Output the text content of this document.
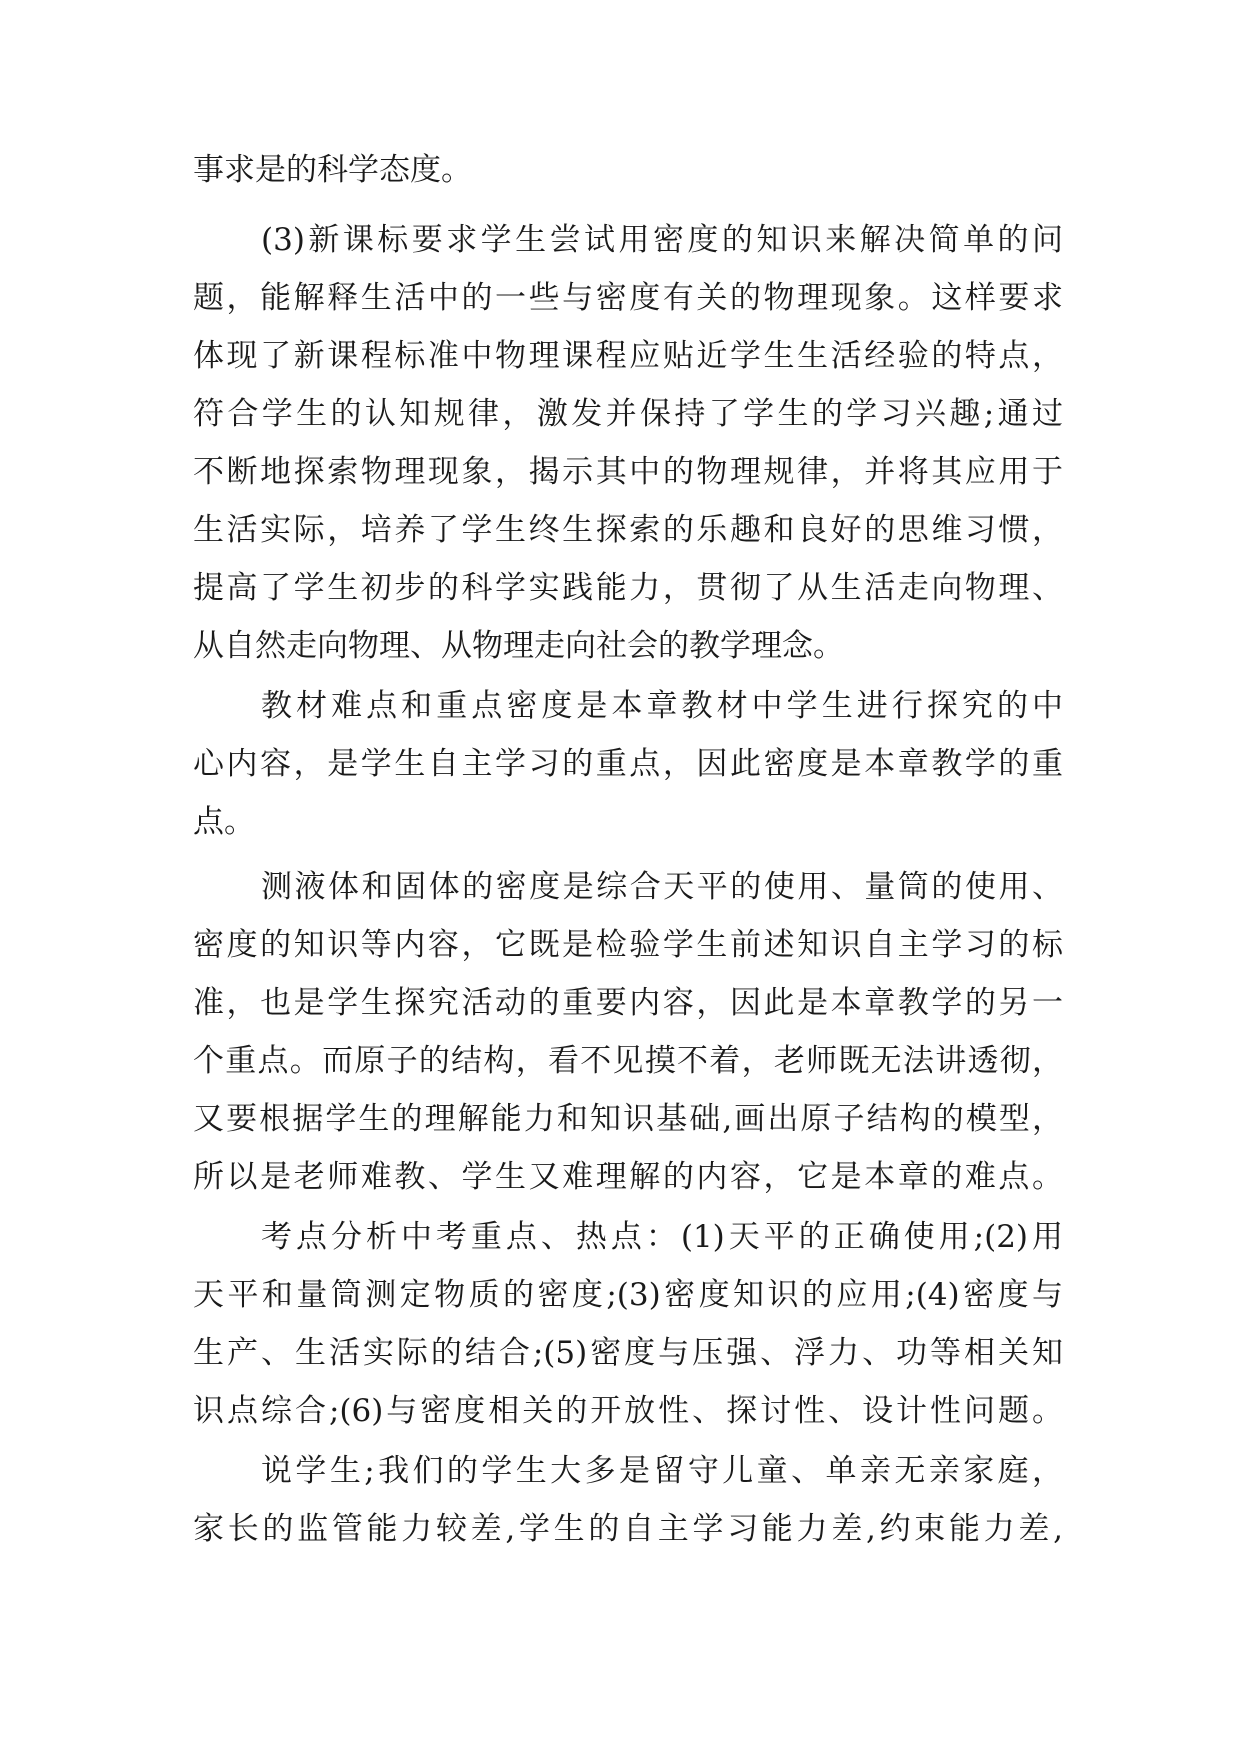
事求是的科学态度。

(3)新课标要求学生尝试用密度的知识来解决简单的问

题，能解释生活中的一些与密度有关的物理现象。这样要求

体现了新课程标准中物理课程应贴近学生生活经验的特点，

符合学生的认知规律，激发并保持了学生的学习兴趣;通过

不断地探索物理现象，揭示其中的物理规律，并将其应用于

生活实际，培养了学生终生探索的乐趣和良好的思维习惯，

提高了学生初步的科学实践能力，贯彻了从生活走向物理、

从自然走向物理、从物理走向社会的教学理念。

教材难点和重点密度是本章教材中学生进行探究的中

心内容，是学生自主学习的重点，因此密度是本章教学的重

点。

测液体和固体的密度是综合天平的使用、量筒的使用、

密度的知识等内容，它既是检验学生前述知识自主学习的标

准，也是学生探究活动的重要内容，因此是本章教学的另一

个重点。而原子的结构，看不见摸不着，老师既无法讲透彻，

又要根据学生的理解能力和知识基础,画出原子结构的模型，

所以是老师难教、学生又难理解的内容，它是本章的难点。

考点分析中考重点、热点：(1)天平的正确使用;(2)用

天平和量筒测定物质的密度;(3)密度知识的应用;(4)密度与

生产、生活实际的结合;(5)密度与压强、浮力、功等相关知

识点综合;(6)与密度相关的开放性、探讨性、设计性问题。

说学生;我们的学生大多是留守儿童、单亲无亲家庭，

家长的监管能力较差,学生的自主学习能力差,约束能力差,
